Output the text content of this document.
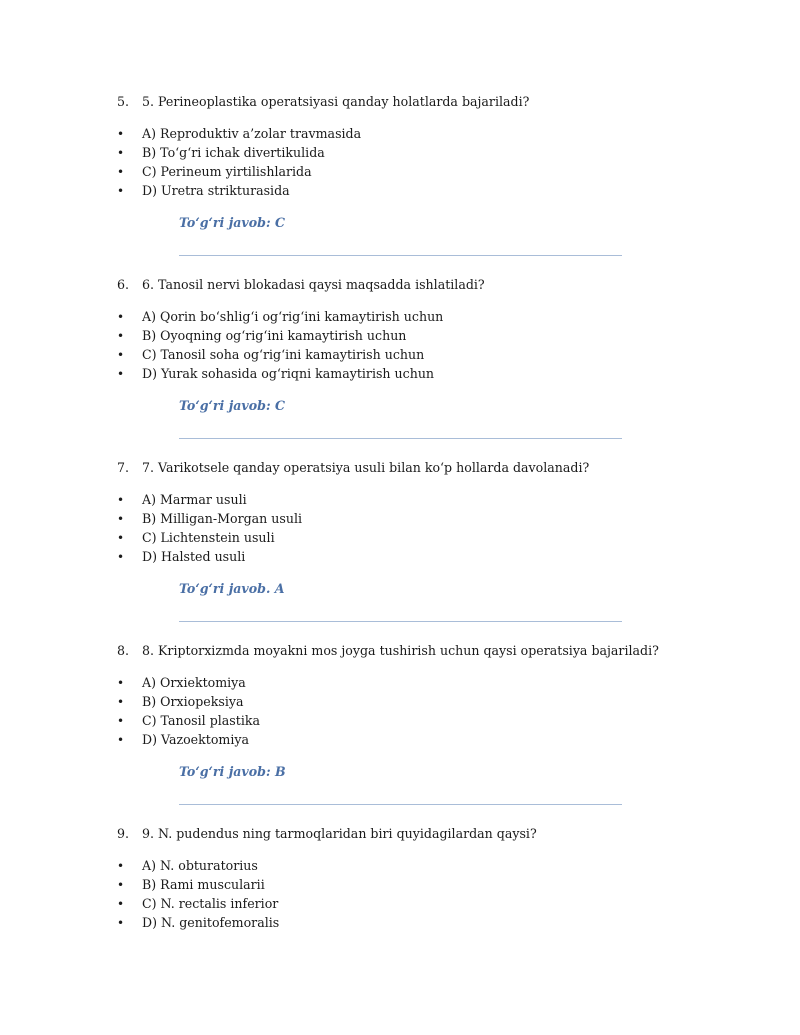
5. 5. Perineoplastika operatsiyasi qanday holatlarda bajariladi?
• A) Reproduktiv a’zolar travmasida
• B) To‘g‘ri ichak divertikulida
• C) Perineum yirtilishlarida
• D) Uretra strikturasida
To‘g‘ri javob: C
6. 6. Tanosil nervi blokadasi qaysi maqsadda ishlatiladi?
• A) Qorin bo‘shlig‘i og‘rig‘ini kamaytirish uchun
• B) Oyoqning og‘rig‘ini kamaytirish uchun
• C) Tanosil soha og‘rig‘ini kamaytirish uchun
• D) Yurak sohasida og‘riqni kamaytirish uchun
To‘g‘ri javob: C
7. 7. Varikotsele qanday operatsiya usuli bilan ko‘p hollarda davolanadi?
• A) Marmar usuli
• B) Milligan-Morgan usuli
• C) Lichtenstein usuli
• D) Halsted usuli
To‘g‘ri javob. A
8. 8. Kriptorxizmda moyakni mos joyga tushirish uchun qaysi operatsiya bajariladi?
• A) Orxiektomiya
• B) Orxiopeksiya
• C) Tanosil plastika
• D) Vazoektomiya
To‘g‘ri javob: B
9. 9. N. pudendus ning tarmoqlaridan biri quyidagilardan qaysi?
• A) N. obturatorius
• B) Rami muscularii
• C) N. rectalis inferior
• D) N. genitofemoralis
